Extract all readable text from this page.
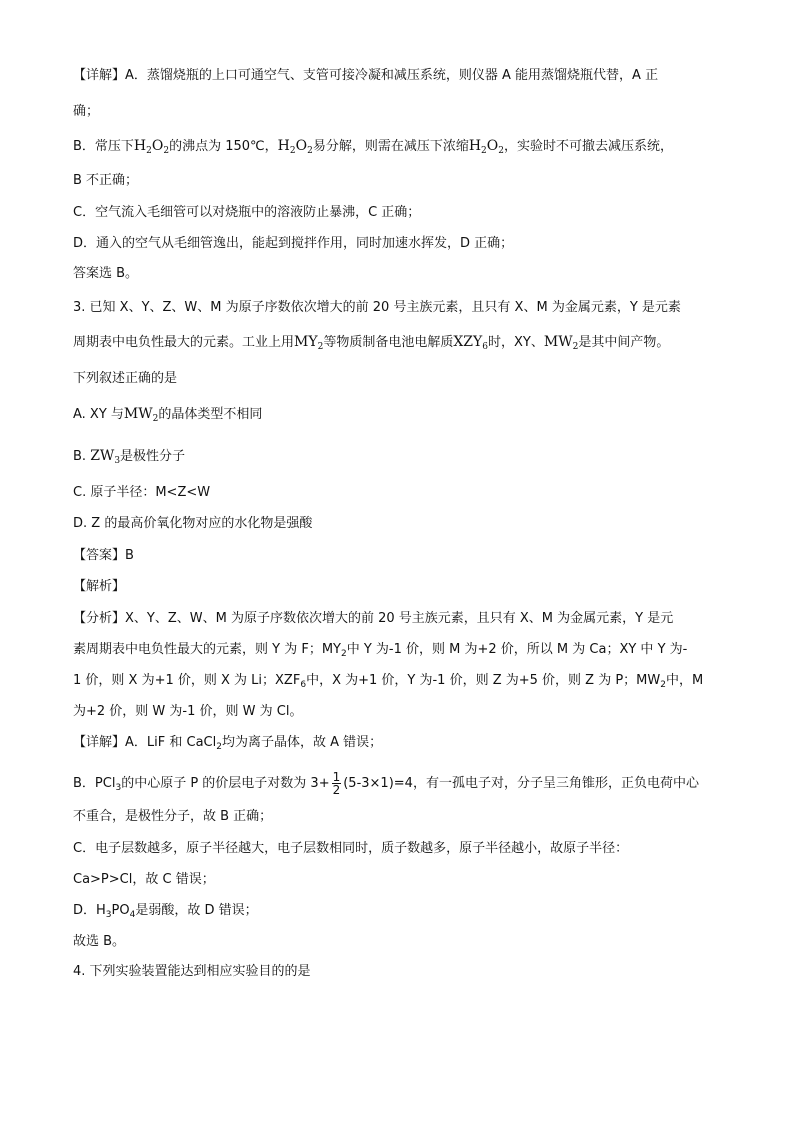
【详解】A．蒸馏烧瓶的上口可通空气、支管可接冷凝和减压系统，则仪器 A 能用蒸馏烧瓶代替，A 正
确；
B．常压下$H_2O_2$的沸点为 150℃，$H_2O_2$易分解，则需在减压下浓缩$H_2O_2$，实验时不可撤去减压系统，
B 不正确；
C．空气流入毛细管可以对烧瓶中的溶液防止暴沸，C 正确；
D．通入的空气从毛细管逸出，能起到搅拌作用，同时加速水挥发，D 正确；
答案选 B。
3. 已知 X、Y、Z、W、M 为原子序数依次增大的前 20 号主族元素，且只有 X、M 为金属元素，Y 是元素
周期表中电负性最大的元素。工业上用$MY_2$等物质制备电池电解质$XZY_6$时，XY、$MW_2$是其中间产物。
下列叙述正确的是
A. XY 与$MW_2$的晶体类型不相同
B. $ZW_3$是极性分子
C. 原子半径：M<Z<W
D. Z 的最高价氧化物对应的水化物是强酸
【答案】B
【解析】
【分析】X、Y、Z、W、M 为原子序数依次增大的前 20 号主族元素，且只有 X、M 为金属元素，Y 是元
素周期表中电负性最大的元素，则 Y 为 F；$MY_2$中 Y 为-1 价，则 M 为+2 价，所以 M 为 Ca；XY 中 Y 为-
1 价，则 X 为+1 价，则 X 为 Li；$XZF_6$中，X 为+1 价，Y 为-1 价，则 Z 为+5 价，则 Z 为 P；$MW_2$中，M
为+2 价，则 W 为-1 价，则 W 为 Cl。
【详解】A．LiF 和 CaCl$_2$均为离子晶体，故 A 错误；
B．PCl$_3$的中心原子 P 的价层电子对数为 $3+ \frac{1}{2} (5-3\times 1)=4$，有一孤电子对，分子呈三角锥形，正负电荷中心
不重合，是极性分子，故 B 正确；
C．电子层数越多，原子半径越大，电子层数相同时，质子数越多，原子半径越小，故原子半径：
Ca>P>Cl，故 C 错误；
D．$H_3PO_4$是弱酸，故 D 错误；
故选 B。
4. 下列实验装置能达到相应实验目的的是
